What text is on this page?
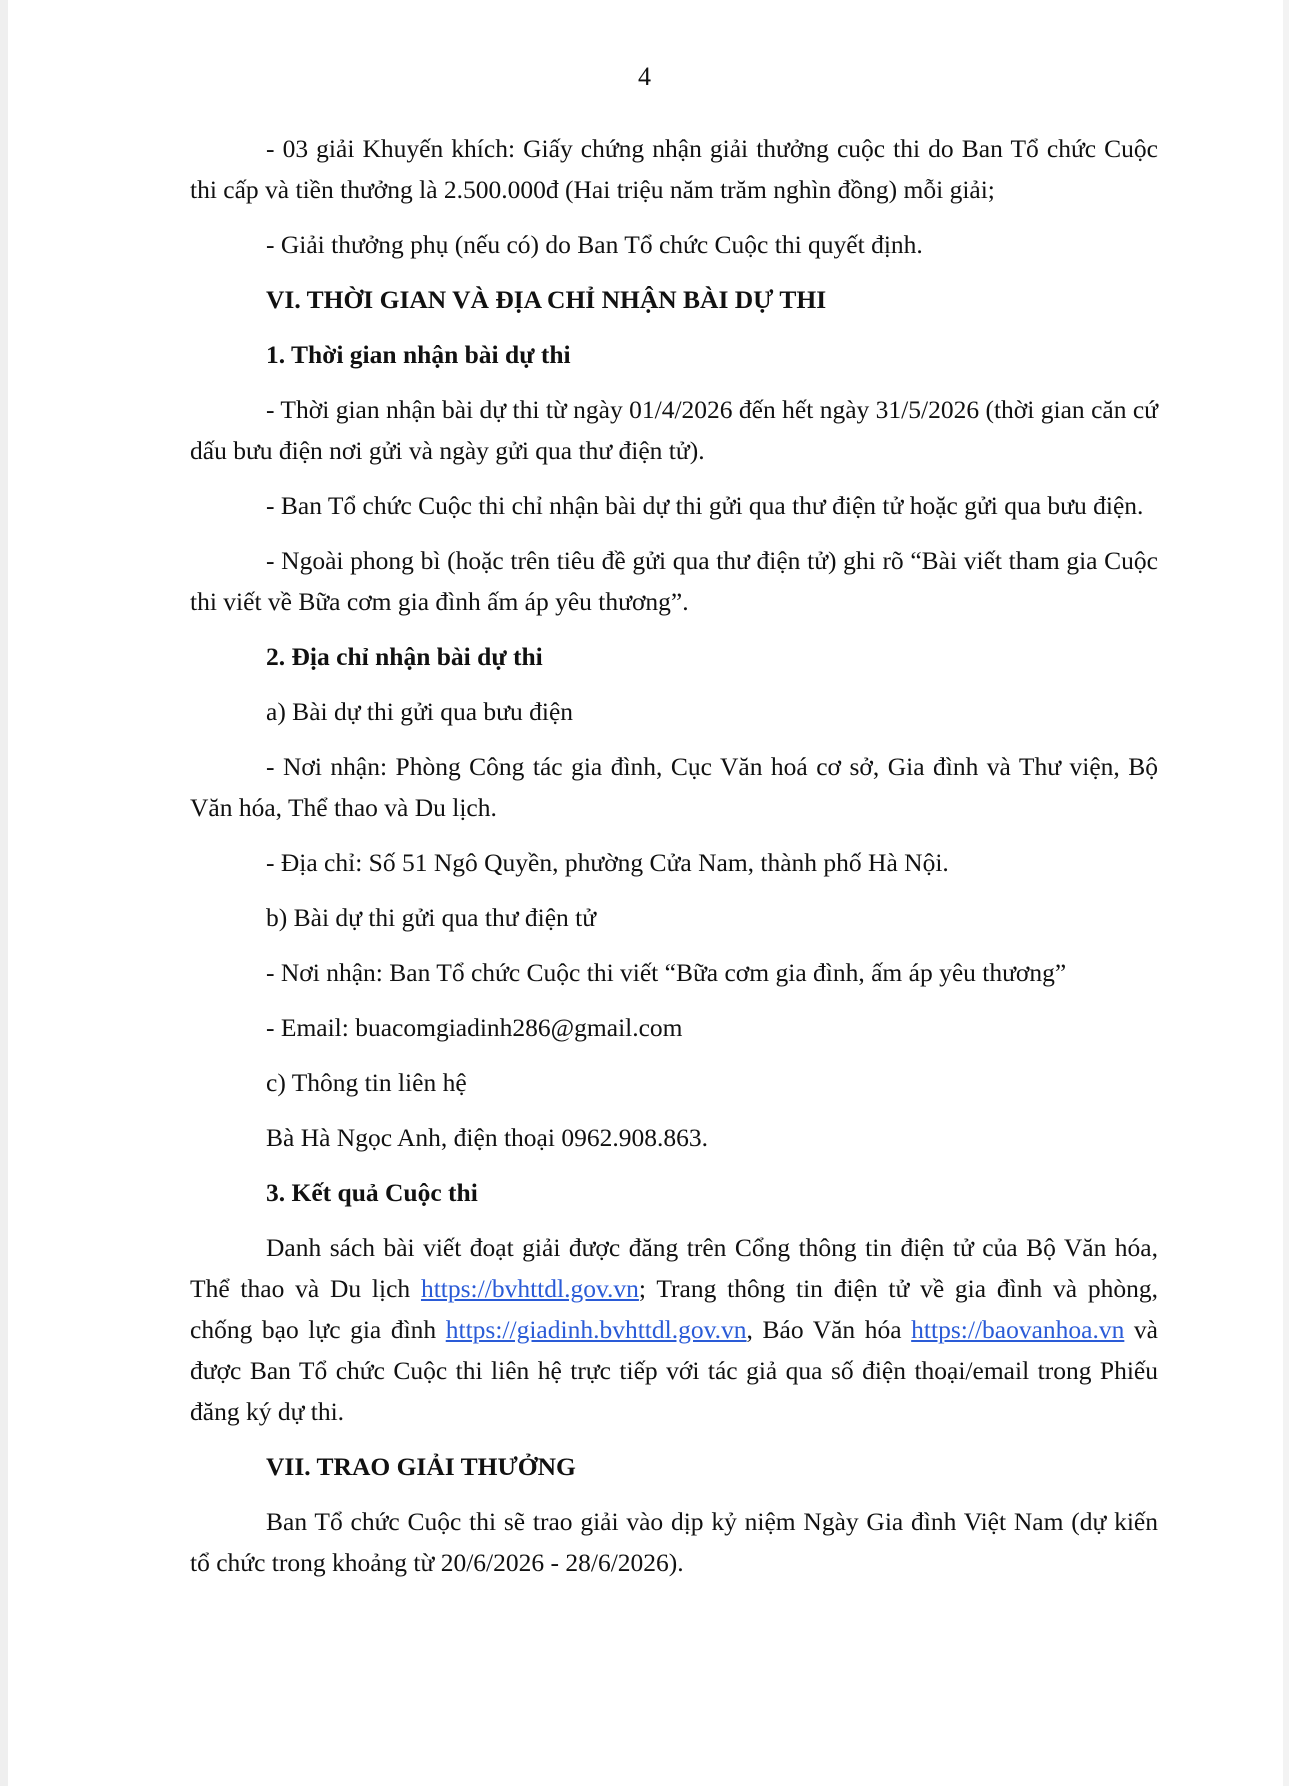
4

- 03 giải Khuyến khích: Giấy chứng nhận giải thưởng cuộc thi do Ban Tổ chức Cuộc thi cấp và tiền thưởng là 2.500.000đ (Hai triệu năm trăm nghìn đồng) mỗi giải;

- Giải thưởng phụ (nếu có) do Ban Tổ chức Cuộc thi quyết định.

VI. THỜI GIAN VÀ ĐỊA CHỈ NHẬN BÀI DỰ THI

1. Thời gian nhận bài dự thi

- Thời gian nhận bài dự thi từ ngày 01/4/2026 đến hết ngày 31/5/2026 (thời gian căn cứ dấu bưu điện nơi gửi và ngày gửi qua thư điện tử).

- Ban Tổ chức Cuộc thi chỉ nhận bài dự thi gửi qua thư điện tử hoặc gửi qua bưu điện.

- Ngoài phong bì (hoặc trên tiêu đề gửi qua thư điện tử) ghi rõ “Bài viết tham gia Cuộc thi viết về Bữa cơm gia đình ấm áp yêu thương”.

2. Địa chỉ nhận bài dự thi

a) Bài dự thi gửi qua bưu điện

- Nơi nhận: Phòng Công tác gia đình, Cục Văn hoá cơ sở, Gia đình và Thư viện, Bộ Văn hóa, Thể thao và Du lịch.

- Địa chỉ: Số 51 Ngô Quyền, phường Cửa Nam, thành phố Hà Nội.

b) Bài dự thi gửi qua thư điện tử

- Nơi nhận: Ban Tổ chức Cuộc thi viết “Bữa cơm gia đình, ấm áp yêu thương”

- Email: buacomgiadinh286@gmail.com

c) Thông tin liên hệ

Bà Hà Ngọc Anh, điện thoại 0962.908.863.

3. Kết quả Cuộc thi

Danh sách bài viết đoạt giải được đăng trên Cổng thông tin điện tử của Bộ Văn hóa, Thể thao và Du lịch https://bvhttdl.gov.vn; Trang thông tin điện tử về gia đình và phòng, chống bạo lực gia đình https://giadinh.bvhttdl.gov.vn, Báo Văn hóa https://baovanhoa.vn và được Ban Tổ chức Cuộc thi liên hệ trực tiếp với tác giả qua số điện thoại/email trong Phiếu đăng ký dự thi.

VII. TRAO GIẢI THƯỞNG

Ban Tổ chức Cuộc thi sẽ trao giải vào dịp kỷ niệm Ngày Gia đình Việt Nam (dự kiến tổ chức trong khoảng từ 20/6/2026 - 28/6/2026).
